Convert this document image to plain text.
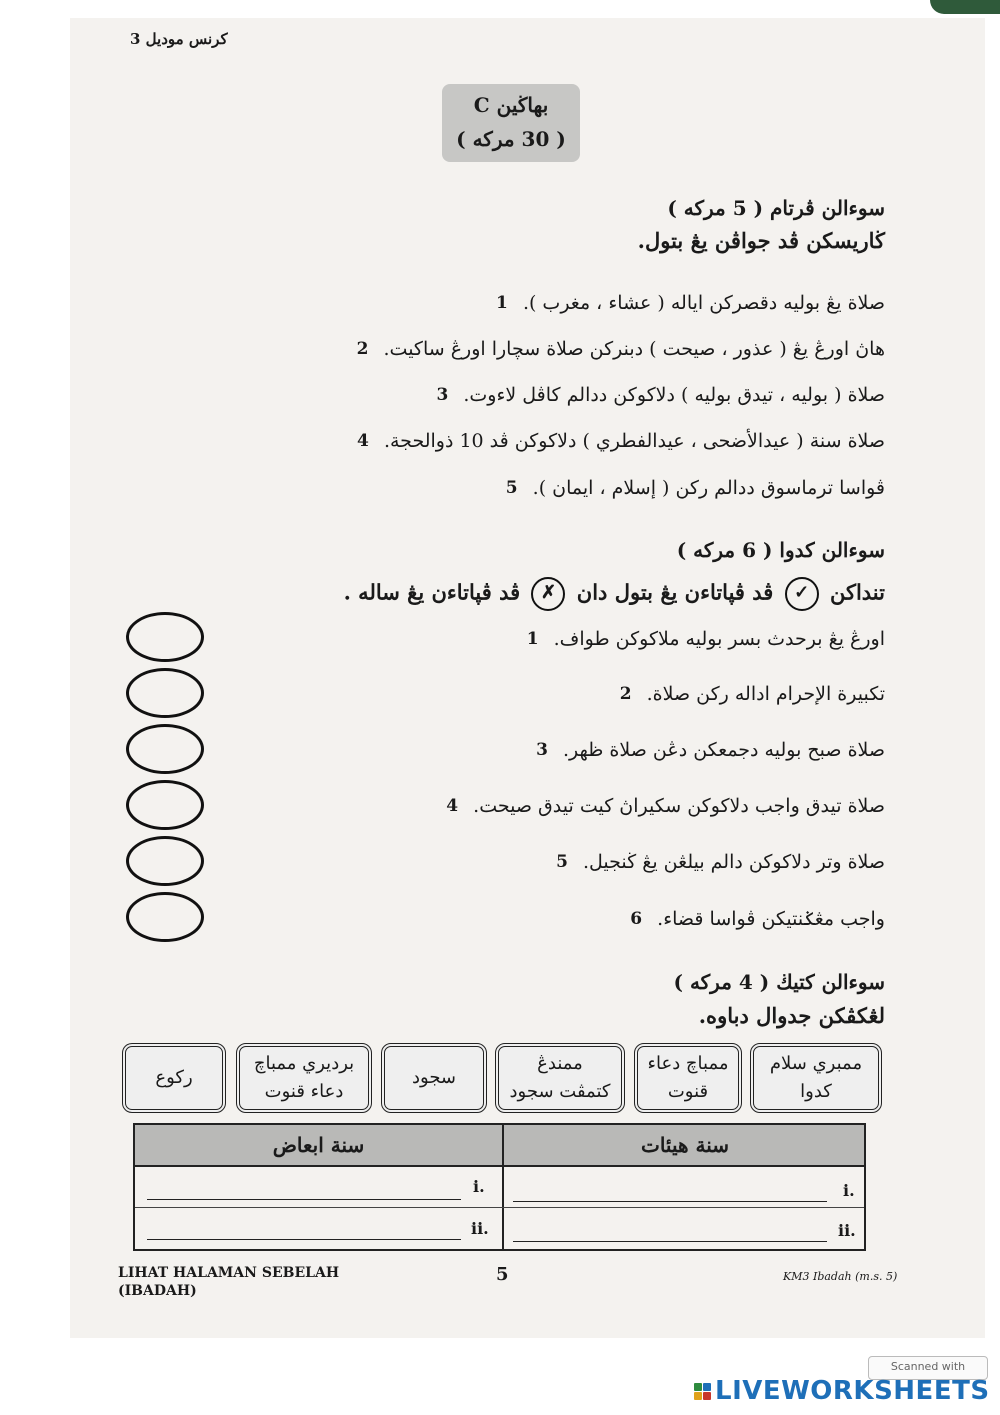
كرنس موديل 3
بهاڬين C
( 30 مركه )
سوءالن ڤرتام ( 5 مركه )
ڬاريسكن ڤد جواڤن يڠ بتول.
1 صلاة يڠ بوليه دقصركن اياله ( عشاء ، مغرب ).
2 هاڽ اورڠ يڠ ( عذور ، صيحت ) دبنركن صلاة سچارا اورڠ ساكيت.
3 صلاة ( بوليه ، تيدق بوليه ) دلاكوكن ددالم كاڤل لاءوت.
4 صلاة سنة ( عيدالأضحى ، عيدالفطري ) دلاكوكن ڤد 10 ذوالحجة.
5 ڤواسا ترماسوق ددالم ركن ( إسلام ، ايمان ).
سوءالن كدوا ( 6 مركه )
تنداكن ✓ ڤد ڤڽاتاءن يڠ بتول دان ✗ ڤد ڤڽاتاءن يڠ ساله .
1 اورڠ يڠ برحدث بسر بوليه ملاكوكن طواف.
2 تكبيرة الإحرام اداله ركن صلاة.
3 صلاة صبح بوليه دجمعكن دڠن صلاة ظهر.
4 صلاة تيدق واجب دلاكوكن سكيراڽ كيت تيدق صيحت.
5 صلاة وتر دلاكوكن دالم بيلڠن يڠ ڬنجيل.
6 واجب مڠݢنتيكن ڤواسا قضاء.
سوءالن كتيڬ ( 4 مركه )
لڠكڤكن جدوال دباوه.
رکوع
برديري ممباچ
دعاء قنوت
سجود
ممندڠ
كتمڤت سجود
ممباچ دعاء
قنوت
ممبري سلام
كدوا
سنة ابعاض	سنة هيئات
i.
ii.
i.
ii.
LIHAT HALAMAN SEBELAH
(IBADAH)
5	KM3 Ibadah (m.s. 5)
Scanned with
LIVEWORKSHEETS
